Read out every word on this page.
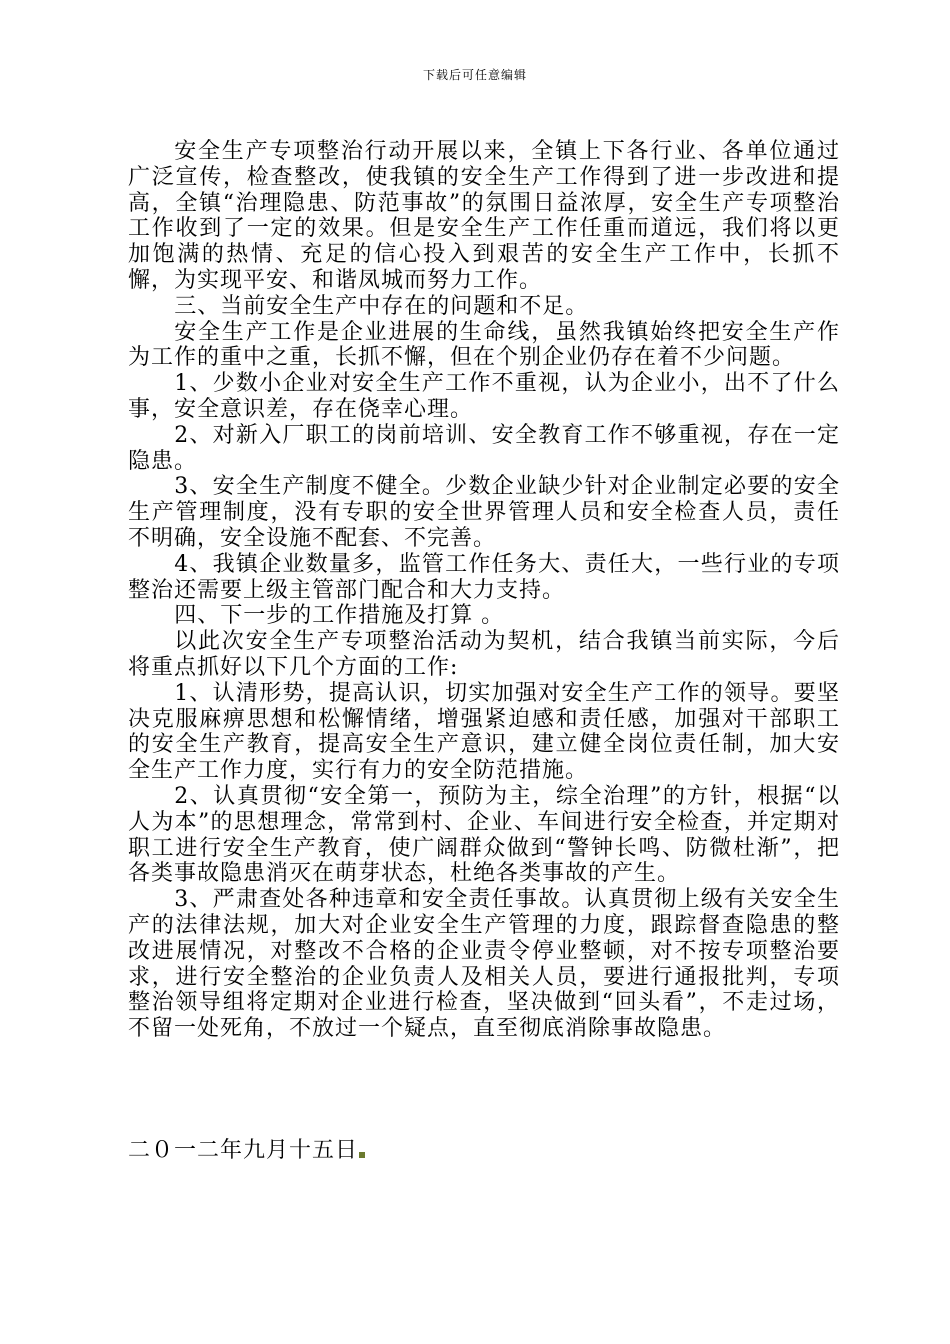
下载后可任意编辑

安全生产专项整治行动开展以来，全镇上下各行业、各单位通过广泛宣传，检查整改，使我镇的安全生产工作得到了进一步改进和提高，全镇“治理隐患、防范事故”的氛围日益浓厚，安全生产专项整治工作收到了一定的效果。但是安全生产工作任重而道远，我们将以更加饱满的热情、充足的信心投入到艰苦的安全生产工作中，长抓不懈，为实现平安、和谐凤城而努力工作。

三、当前安全生产中存在的问题和不足。

安全生产工作是企业进展的生命线，虽然我镇始终把安全生产作为工作的重中之重，长抓不懈，但在个别企业仍存在着不少问题。

1、少数小企业对安全生产工作不重视，认为企业小，出不了什么事，安全意识差，存在侥幸心理。

2、对新入厂职工的岗前培训、安全教育工作不够重视，存在一定隐患。

3、安全生产制度不健全。少数企业缺少针对企业制定必要的安全生产管理制度，没有专职的安全世界管理人员和安全检查人员，责任不明确，安全设施不配套、不完善。

4、我镇企业数量多，监管工作任务大、责任大，一些行业的专项整治还需要上级主管部门配合和大力支持。

四、下一步的工作措施及打算 。

以此次安全生产专项整治活动为契机，结合我镇当前实际，今后将重点抓好以下几个方面的工作:

1、认清形势，提高认识，切实加强对安全生产工作的领导。要坚决克服麻痹思想和松懈情绪，增强紧迫感和责任感，加强对干部职工的安全生产教育，提高安全生产意识，建立健全岗位责任制，加大安全生产工作力度，实行有力的安全防范措施。

2、认真贯彻“安全第一，预防为主，综全治理”的方针，根据“以人为本”的思想理念，常常到村、企业、车间进行安全检查，并定期对职工进行安全生产教育，使广阔群众做到“警钟长鸣、防微杜渐”，把各类事故隐患消灭在萌芽状态，杜绝各类事故的产生。

3、严肃查处各种违章和安全责任事故。认真贯彻上级有关安全生产的法律法规，加大对企业安全生产管理的力度，跟踪督查隐患的整改进展情况，对整改不合格的企业责令停业整顿，对不按专项整治要求，进行安全整治的企业负责人及相关人员，要进行通报批判，专项整治领导组将定期对企业进行检查，坚决做到“回头看”，不走过场，不留一处死角，不放过一个疑点，直至彻底消除事故隐患。

二０一二年九月十五日
